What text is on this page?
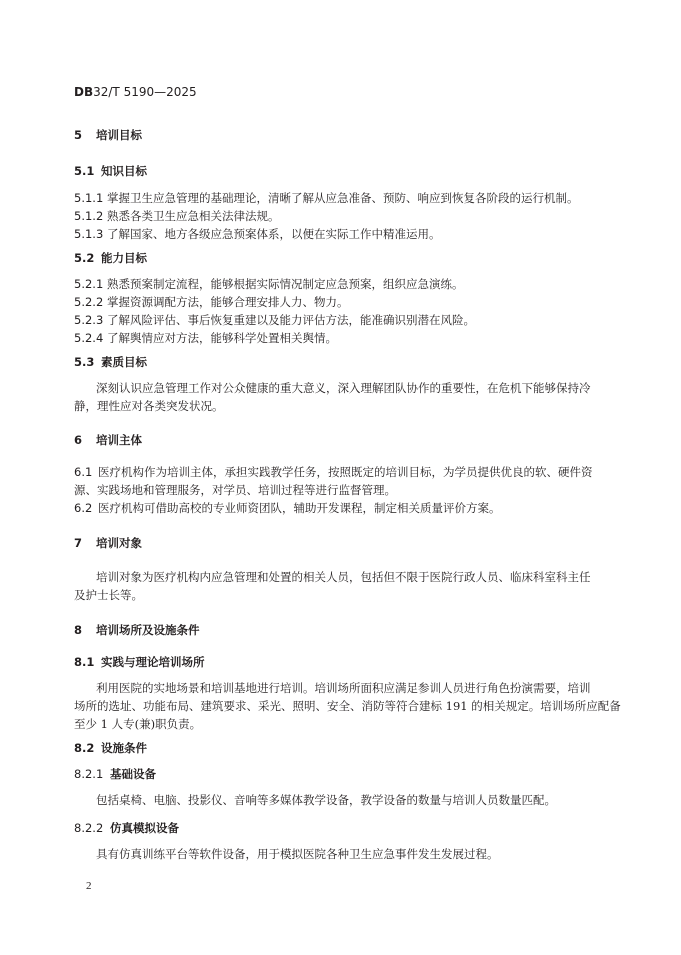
DB32/T 5190—2025
5 培训目标
5.1 知识目标
5.1.1 掌握卫生应急管理的基础理论，清晰了解从应急准备、预防、响应到恢复各阶段的运行机制。
5.1.2 熟悉各类卫生应急相关法律法规。
5.1.3 了解国家、地方各级应急预案体系，以便在实际工作中精准运用。
5.2 能力目标
5.2.1 熟悉预案制定流程，能够根据实际情况制定应急预案，组织应急演练。
5.2.2 掌握资源调配方法，能够合理安排人力、物力。
5.2.3 了解风险评估、事后恢复重建以及能力评估方法，能准确识别潜在风险。
5.2.4 了解舆情应对方法，能够科学处置相关舆情。
5.3 素质目标
深刻认识应急管理工作对公众健康的重大意义，深入理解团队协作的重要性，在危机下能够保持冷
静，理性应对各类突发状况。
6 培训主体
6.1 医疗机构作为培训主体，承担实践教学任务，按照既定的培训目标，为学员提供优良的软、硬件资
源、实践场地和管理服务，对学员、培训过程等进行监督管理。
6.2 医疗机构可借助高校的专业师资团队，辅助开发课程，制定相关质量评价方案。
7 培训对象
培训对象为医疗机构内应急管理和处置的相关人员，包括但不限于医院行政人员、临床科室科主任
及护士长等。
8 培训场所及设施条件
8.1 实践与理论培训场所
利用医院的实地场景和培训基地进行培训。培训场所面积应满足参训人员进行角色扮演需要，培训
场所的选址、功能布局、建筑要求、采光、照明、安全、消防等符合建标 191 的相关规定。培训场所应配备
至少 1 人专(兼)职负责。
8.2 设施条件
8.2.1 基础设备
包括桌椅、电脑、投影仪、音响等多媒体教学设备，教学设备的数量与培训人员数量匹配。
8.2.2 仿真模拟设备
具有仿真训练平台等软件设备，用于模拟医院各种卫生应急事件发生发展过程。
2
